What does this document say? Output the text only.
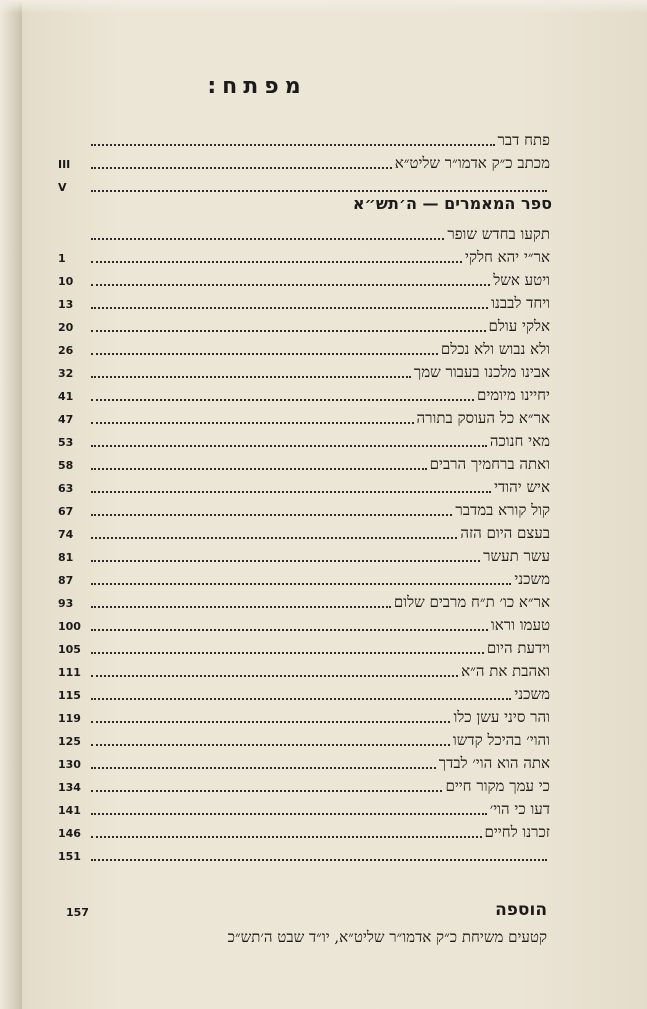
מפתח:
פתח דבר
מכתב כ״ק אדמו״ר שליט״א
III
V
ספר המאמרים — ה׳תש״א
תקעו בחדש שופר
אר״י יהא חלקי
1
ויטע אשל
10
ויחד לבבנו
13
אלקי עולם
20
ולא נבוש ולא נכלם
26
אבינו מלכנו בעבור שמך
32
יחיינו מיומים
41
אר״א כל העוסק בתורה
47
מאי חנוכה
53
ואתה ברחמיך הרבים
58
איש יהודי
63
קול קורא במדבר
67
בעצם היום הזה
74
עשר תעשר
81
משכני
87
אר״א כו׳ ת״ח מרבים שלום
93
טעמו וראו
100
וידעת היום
105
ואהבת את ה״א
111
משכני
115
והר סיני עשן כלו
119
והוי׳ בהיכל קדשו
125
אתה הוא הוי׳ לבדך
130
כי עמך מקור חיים
134
דעו כי הוי׳
141
זכרנו לחיים
146
151
הוספה
157
קטעים משיחת כ״ק אדמו״ר שליט״א, יו״ד שבט ה׳תש״כ
